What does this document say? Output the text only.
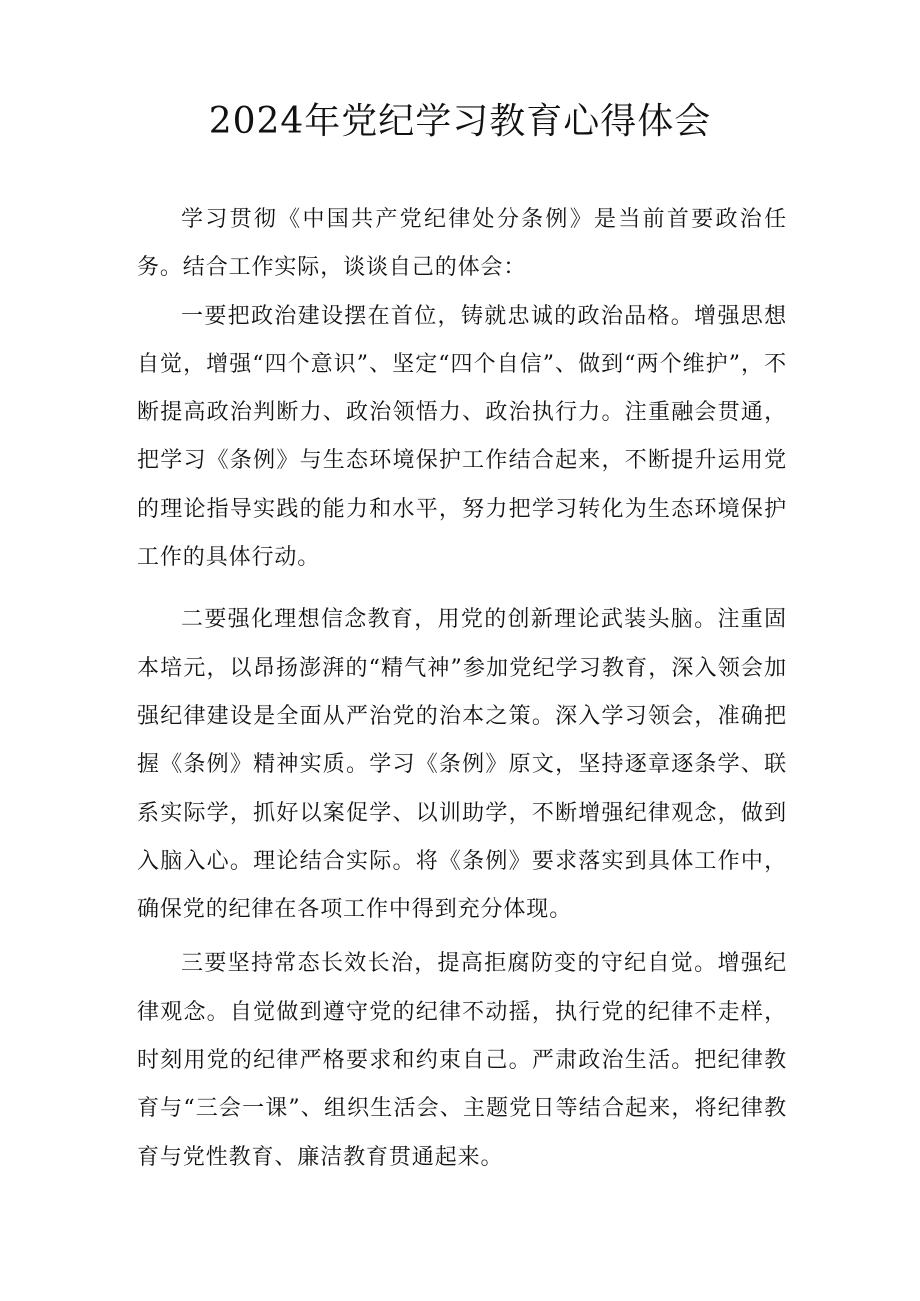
2024年党纪学习教育心得体会

学习贯彻《中国共产党纪律处分条例》是当前首要政治任务。结合工作实际，谈谈自己的体会：

一要把政治建设摆在首位，铸就忠诚的政治品格。增强思想自觉，增强“四个意识”、坚定“四个自信”、做到“两个维护”，不断提高政治判断力、政治领悟力、政治执行力。注重融会贯通，把学习《条例》与生态环境保护工作结合起来，不断提升运用党的理论指导实践的能力和水平，努力把学习转化为生态环境保护工作的具体行动。

二要强化理想信念教育，用党的创新理论武装头脑。注重固本培元，以昂扬澎湃的“精气神”参加党纪学习教育，深入领会加强纪律建设是全面从严治党的治本之策。深入学习领会，准确把握《条例》精神实质。学习《条例》原文，坚持逐章逐条学、联系实际学，抓好以案促学、以训助学，不断增强纪律观念，做到入脑入心。理论结合实际。将《条例》要求落实到具体工作中，确保党的纪律在各项工作中得到充分体现。

三要坚持常态长效长治，提高拒腐防变的守纪自觉。增强纪律观念。自觉做到遵守党的纪律不动摇，执行党的纪律不走样，时刻用党的纪律严格要求和约束自己。严肃政治生活。把纪律教育与“三会一课”、组织生活会、主题党日等结合起来，将纪律教育与党性教育、廉洁教育贯通起来。
